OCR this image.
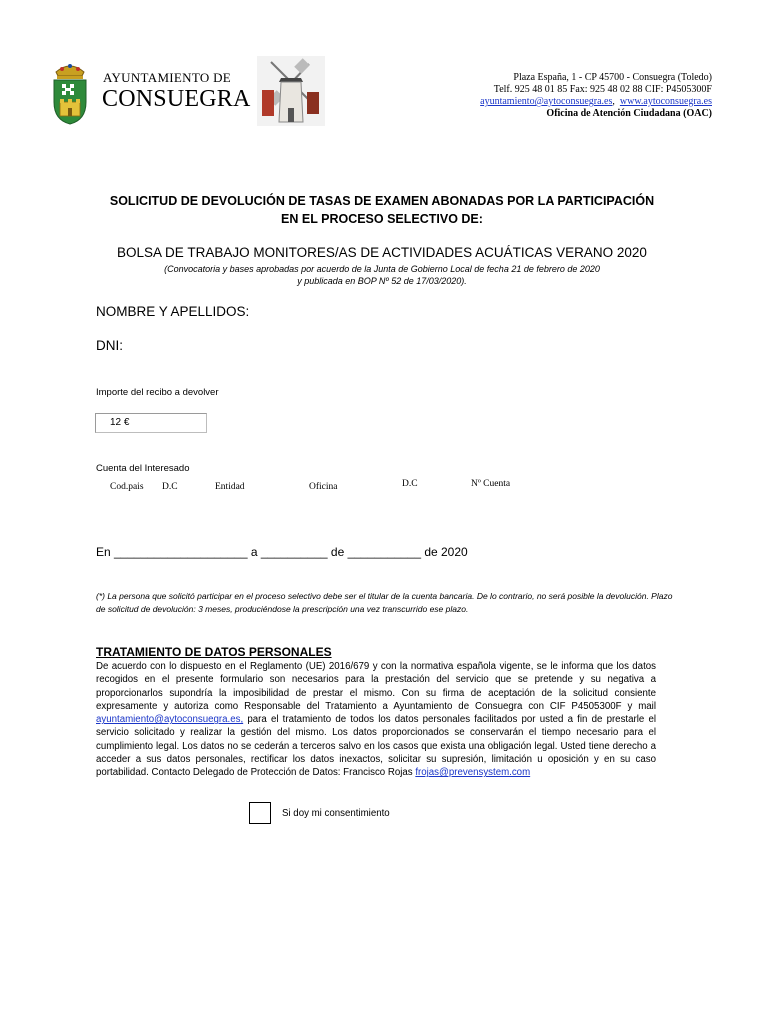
AYUNTAMIENTO DE
CONSUEGRA
Plaza España, 1 - CP 45700 - Consuegra (Toledo)
Telf. 925 48 01 85 Fax: 925 48 02 88 CIF: P4505300F
ayuntamiento@aytoconsuegra.es,  www.aytoconsuegra.es
Oficina de Atención Ciudadana (OAC)
SOLICITUD DE DEVOLUCIÓN DE TASAS DE EXAMEN ABONADAS POR LA PARTICIPACIÓN
EN EL PROCESO SELECTIVO DE:
BOLSA DE TRABAJO MONITORES/AS DE ACTIVIDADES ACUÁTICAS VERANO 2020
(Convocatoria y bases aprobadas por acuerdo de la Junta de Gobierno Local de fecha 21 de febrero de 2020
y publicada en BOP Nº 52 de 17/03/2020).
NOMBRE Y APELLIDOS:
DNI:
Importe del recibo a devolver
12 €
Cuenta del Interesado
Cod.pais D.C	Entidad	Oficina	D.C	Nº Cuenta
En ____________________ a __________ de ___________ de 2020
(*) La persona que solicitó participar en el proceso selectivo debe ser el titular de la cuenta bancaria. De lo contrario, no será posible la devolución. Plazo de solicitud de devolución: 3 meses, produciéndose la prescripción una vez transcurrido ese plazo.
TRATAMIENTO DE DATOS PERSONALES
De acuerdo con lo dispuesto en el Reglamento (UE) 2016/679 y con la normativa española vigente, se le informa que los datos recogidos en el presente formulario son necesarios para la prestación del servicio que se pretende y su negativa a proporcionarlos supondría la imposibilidad de prestar el mismo. Con su firma de aceptación de la solicitud consiente expresamente y autoriza como Responsable del Tratamiento a Ayuntamiento de Consuegra con CIF P4505300F y mail ayuntamiento@aytoconsuegra.es, para el tratamiento de todos los datos personales facilitados por usted a fin de prestarle el servicio solicitado y realizar la gestión del mismo. Los datos proporcionados se conservarán el tiempo necesario para el cumplimiento legal. Los datos no se cederán a terceros salvo en los casos que exista una obligación legal. Usted tiene derecho a acceder a sus datos personales, rectificar los datos inexactos, solicitar su supresión, limitación u oposición y en su caso portabilidad. Contacto Delegado de Protección de Datos: Francisco Rojas frojas@prevensystem.com
Si doy mi consentimiento
